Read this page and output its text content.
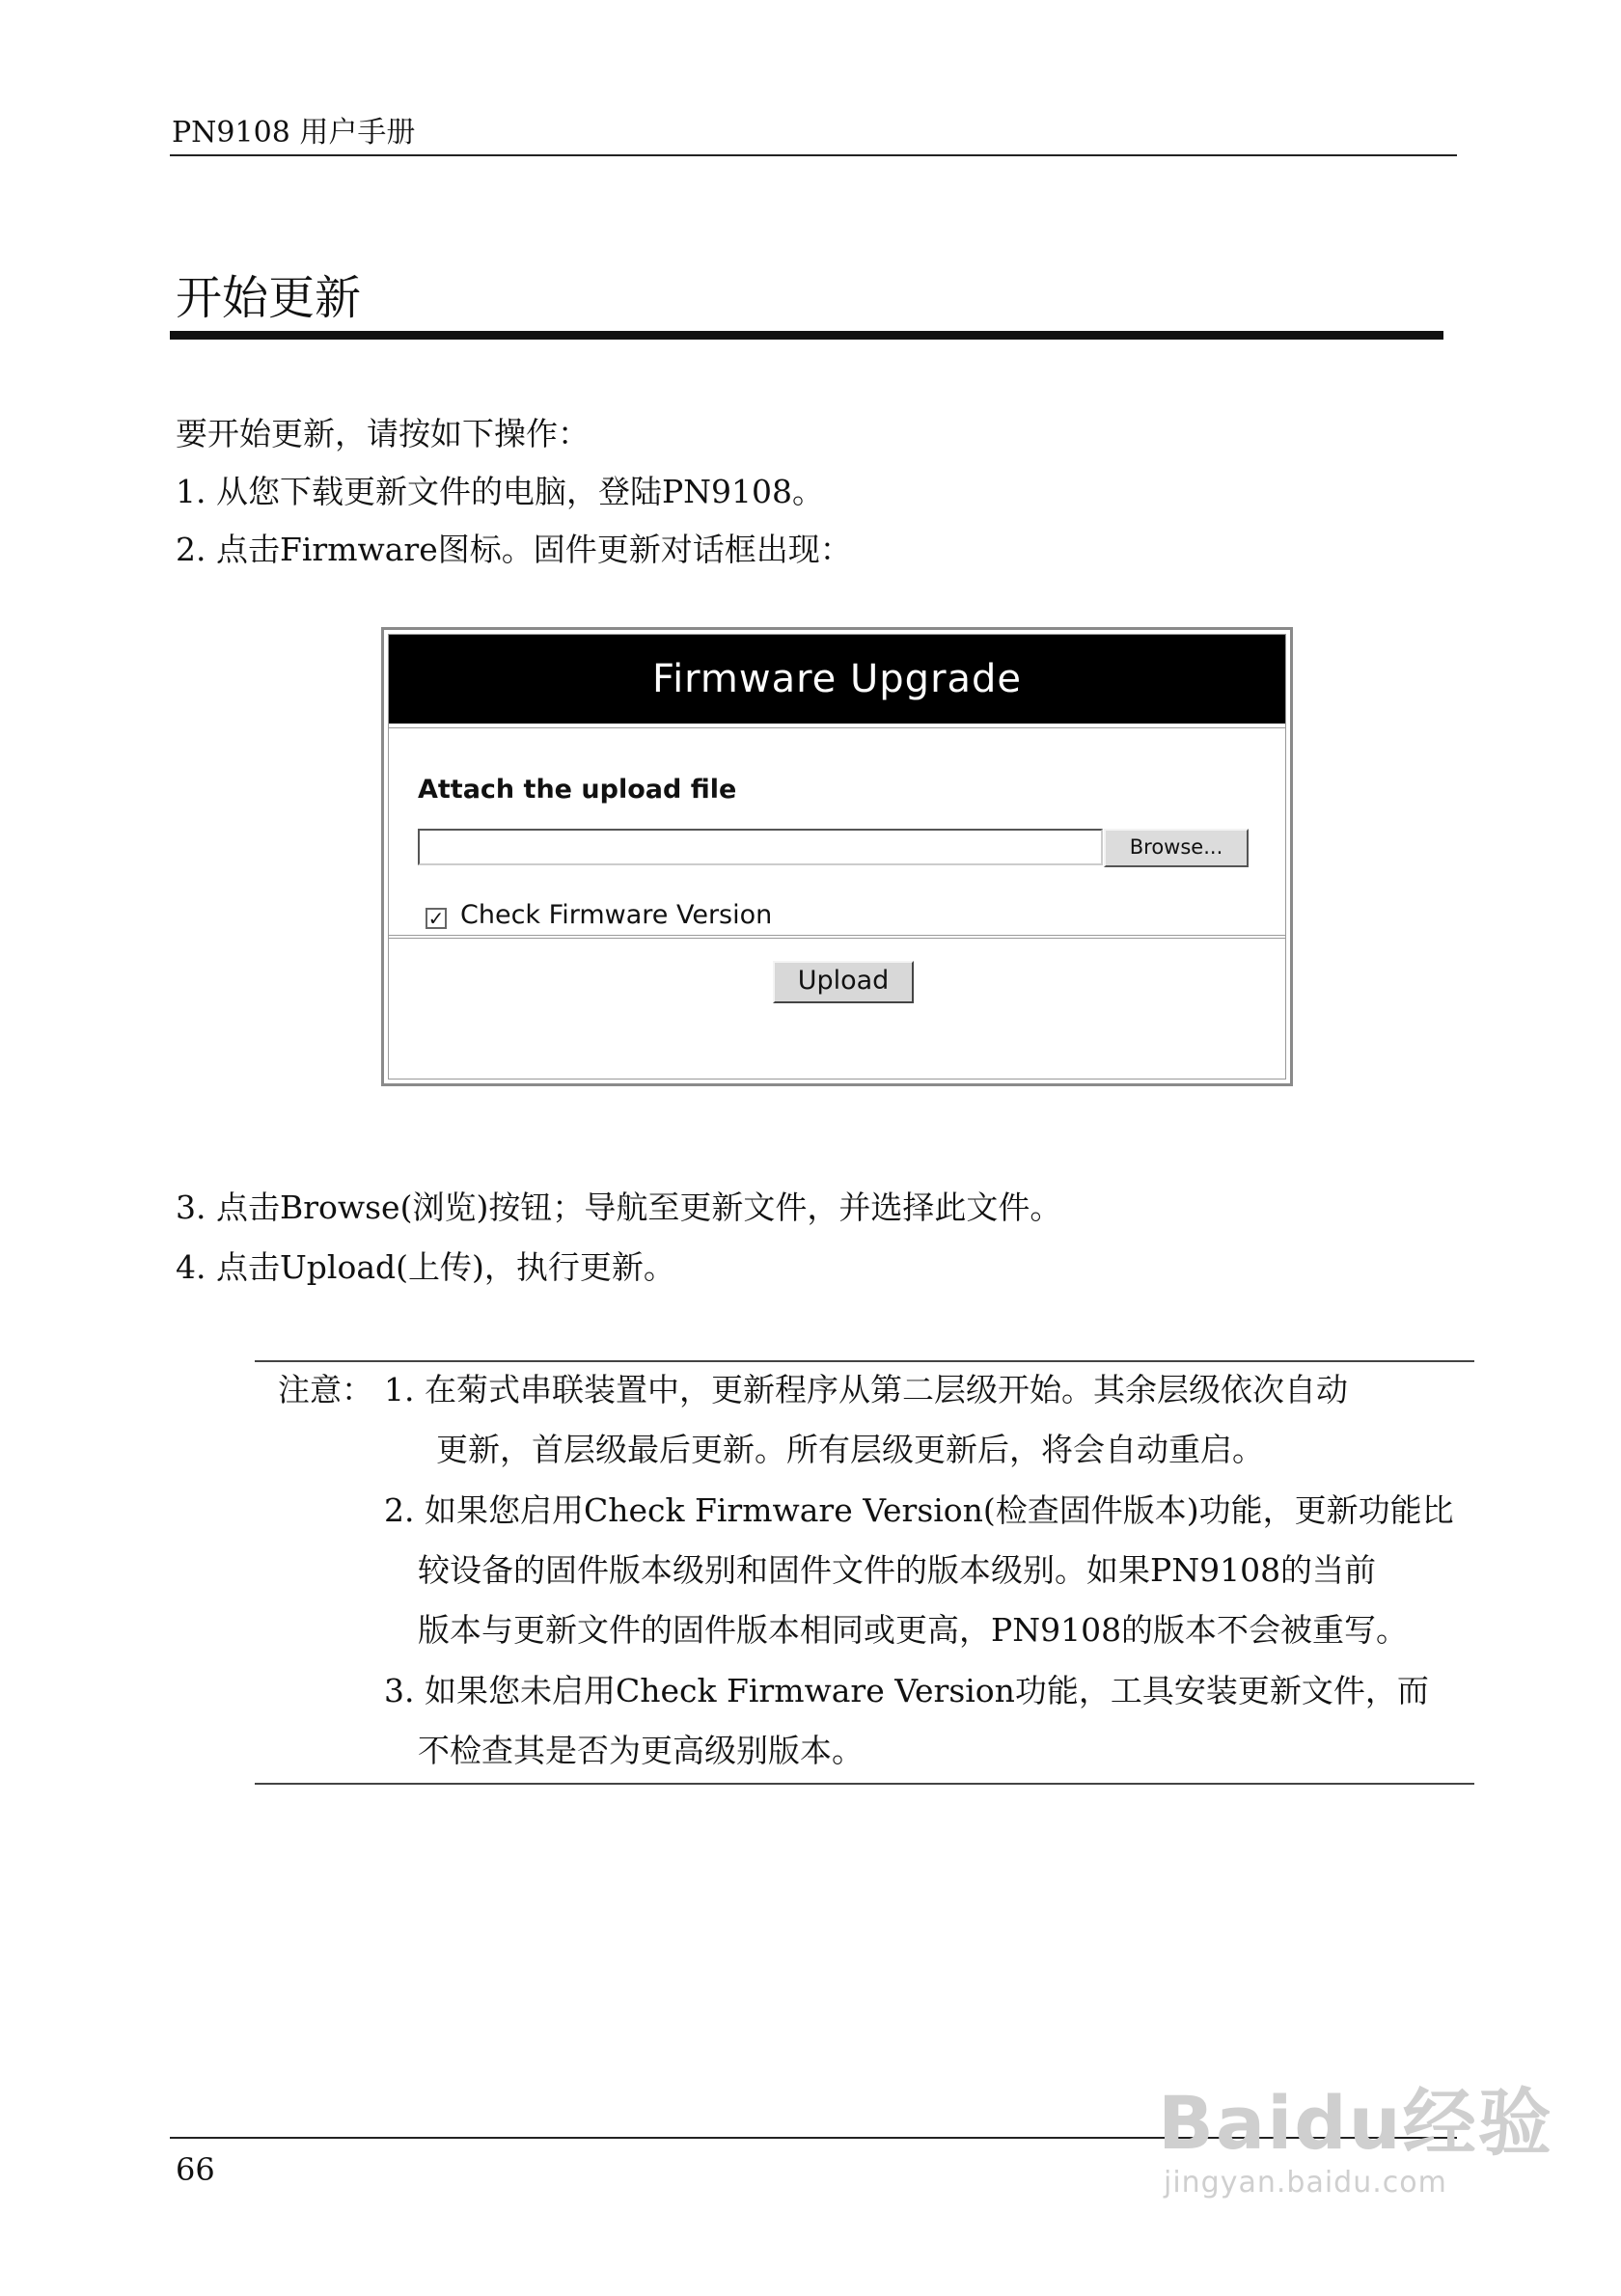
PN9108 用户手册
开始更新
要开始更新，请按如下操作：
1. 从您下载更新文件的电脑，登陆PN9108。
2. 点击Firmware图标。固件更新对话框出现：
Firmware Upgrade
Attach the upload file
Browse...
✓ Check Firmware Version
Upload
3. 点击Browse(浏览)按钮；导航至更新文件，并选择此文件。
4. 点击Upload(上传)，执行更新。
注意： 1. 在菊式串联装置中，更新程序从第二层级开始。其余层级依次自动
更新，首层级最后更新。所有层级更新后，将会自动重启。
2. 如果您启用Check Firmware Version(检查固件版本)功能，更新功能比
较设备的固件版本级别和固件文件的版本级别。如果PN9108的当前
版本与更新文件的固件版本相同或更高，PN9108的版本不会被重写。
3. 如果您未启用Check Firmware Version功能，工具安装更新文件，而
不检查其是否为更高级别版本。
66
Baidu经验
jingyan.baidu.com
